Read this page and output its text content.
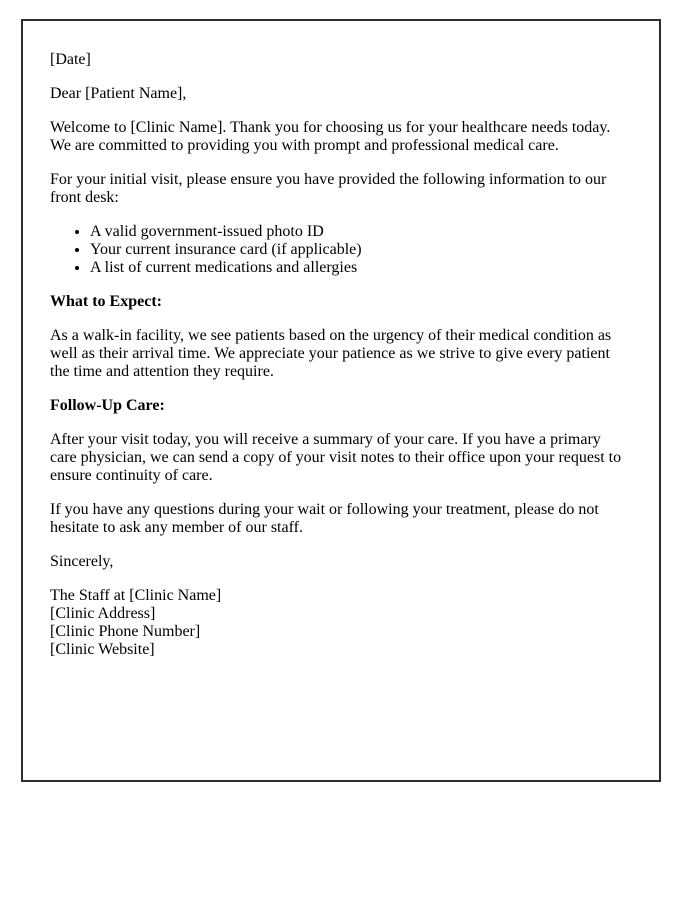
[Date]

Dear [Patient Name],

Welcome to [Clinic Name]. Thank you for choosing us for your healthcare needs today. We are committed to providing you with prompt and professional medical care.

For your initial visit, please ensure you have provided the following information to our front desk:

• A valid government-issued photo ID
• Your current insurance card (if applicable)
• A list of current medications and allergies

What to Expect:

As a walk-in facility, we see patients based on the urgency of their medical condition as well as their arrival time. We appreciate your patience as we strive to give every patient the time and attention they require.

Follow-Up Care:

After your visit today, you will receive a summary of your care. If you have a primary care physician, we can send a copy of your visit notes to their office upon your request to ensure continuity of care.

If you have any questions during your wait or following your treatment, please do not hesitate to ask any member of our staff.

Sincerely,

The Staff at [Clinic Name]
[Clinic Address]
[Clinic Phone Number]
[Clinic Website]
